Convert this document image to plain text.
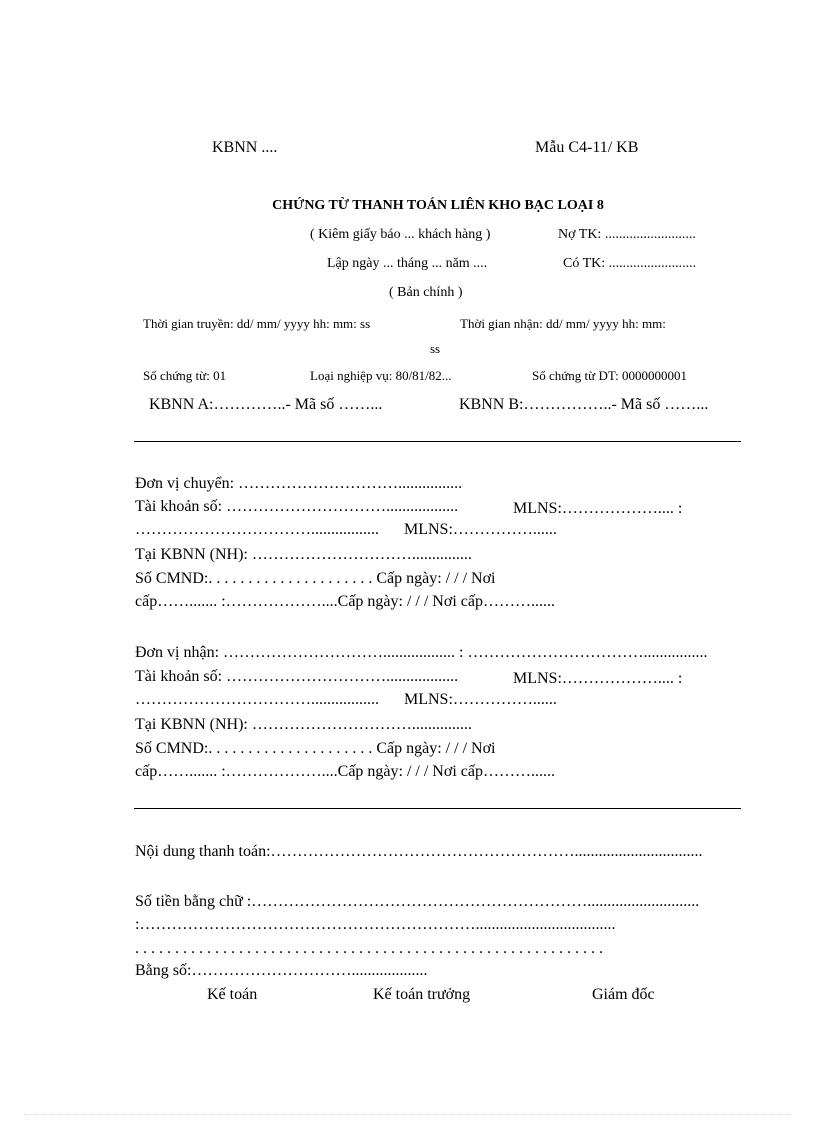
KBNN ....	Mẫu C4-11/ KB
CHỨNG TỪ THANH TOÁN LIÊN KHO BẠC LOẠI 8
( Kiêm giấy báo ... khách hàng )	Nợ TK: ..........................
Lập ngày ... tháng ... năm ....	Có TK: .........................
( Bản chính )
Thời gian truyền: dd/ mm/ yyyy hh: mm: ss	Thời gian nhận: dd/ mm/ yyyy hh: mm:
ss
Số chứng từ: 01	Loại nghiệp vụ: 80/81/82...	Số chứng từ DT: 0000000001
KBNN A:…………..- Mã số ……...	KBNN B:……………..- Mã số ……...
Đơn vị chuyển: …………………………................
Tài khoản số: …………………………..................	MLNS:……………….... :
……………………………................. MLNS:……………......
Tại KBNN (NH): …………………………...............
Số CMND:. . . . . . . . . . . . . . . . . . . . . Cấp ngày: / / / Nơi
cấp……....... :………………....Cấp ngày: / / / Nơi cấp………......
Đơn vị nhận: ………………………….................. : ……………………………................
Tài khoản số: …………………………..................	MLNS:……………….... :
……………………………................. MLNS:……………......
Tại KBNN (NH): …………………………...............
Số CMND:. . . . . . . . . . . . . . . . . . . . . Cấp ngày: / / / Nơi
cấp……....... :………………....Cấp ngày: / / / Nơi cấp………......
Nội dung thanh toán:…………………………………………………................................
Số tiền bằng chữ :………………………………………………………............................
:………………………………………………………...................................
. . . . . . . . . . . . . . . . . . . . . . . . . . . . . . . . . . . . . . . . . . . . . . . . . . . . . . . . . . .
Bằng số:…………………………...................
Kế toán	Kế toán trưởng	Giám đốc
